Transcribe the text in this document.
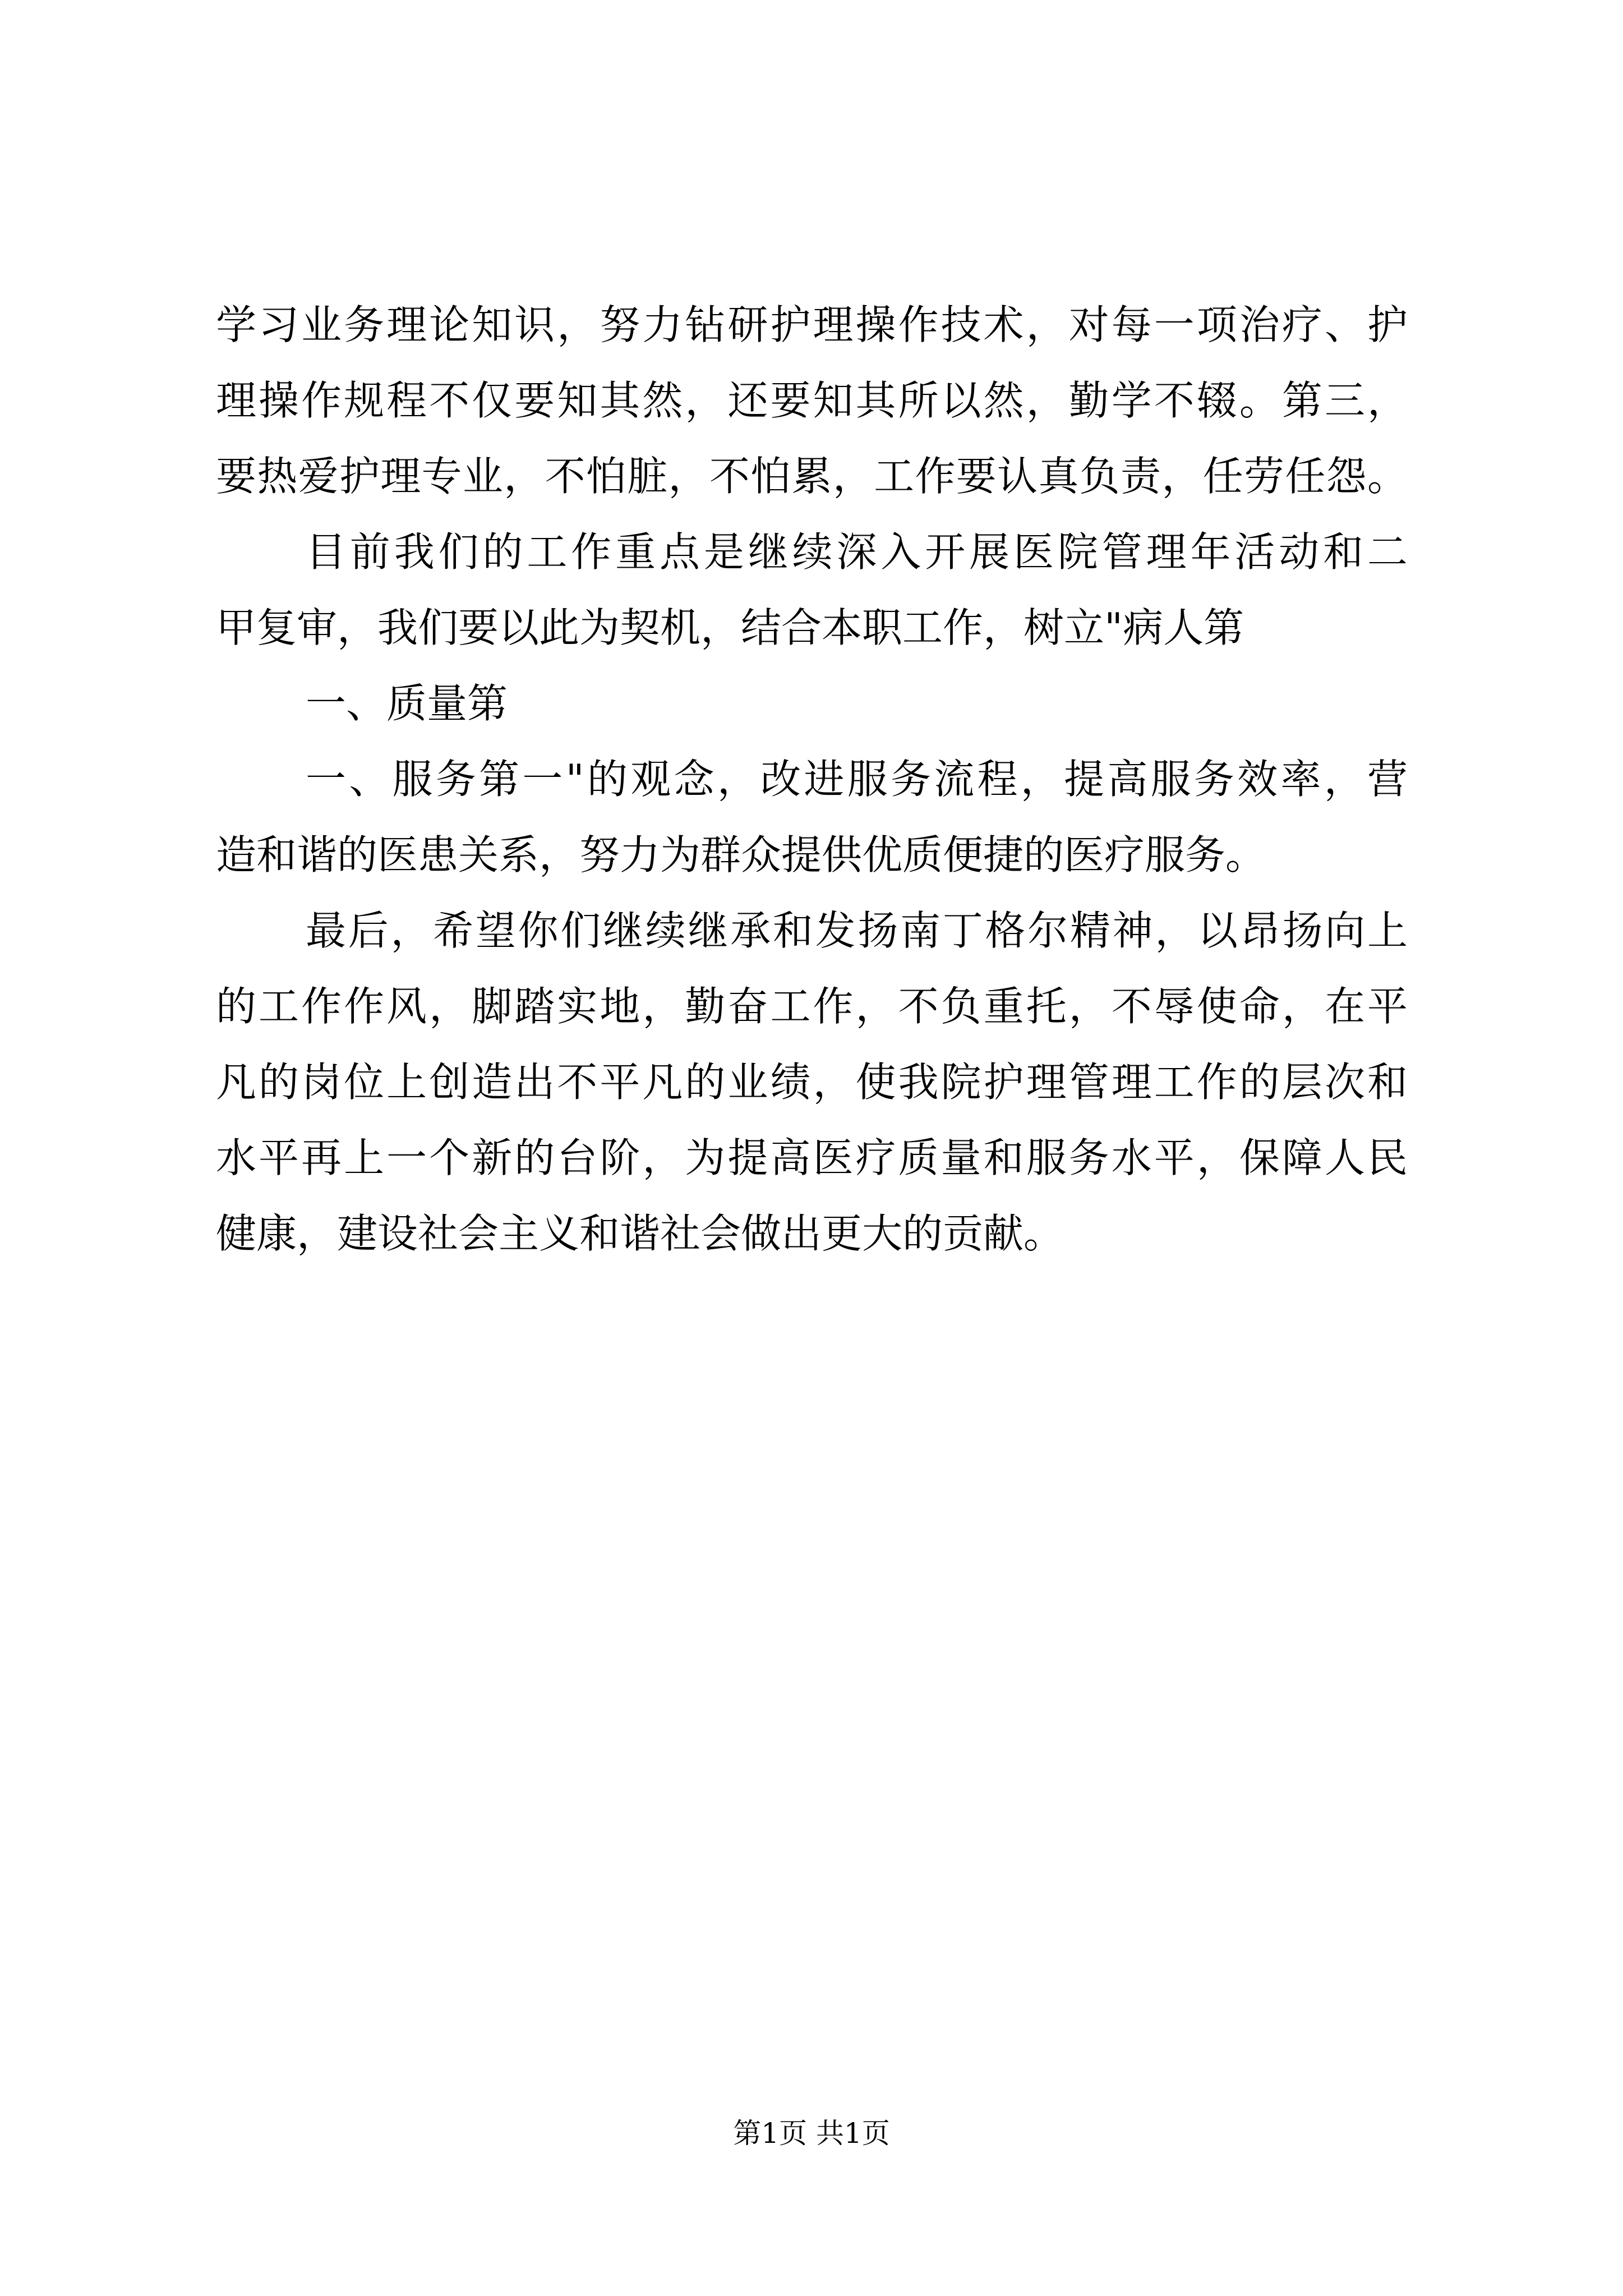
学习业务理论知识，努力钻研护理操作技术，对每一项治疗、护
理操作规程不仅要知其然，还要知其所以然，勤学不辍。第三，
要热爱护理专业，不怕脏，不怕累，工作要认真负责，任劳任怨。
目前我们的工作重点是继续深入开展医院管理年活动和二
甲复审，我们要以此为契机，结合本职工作，树立"病人第
一、质量第
一、服务第一"的观念，改进服务流程，提高服务效率，营
造和谐的医患关系，努力为群众提供优质便捷的医疗服务。
最后，希望你们继续继承和发扬南丁格尔精神，以昂扬向上
的工作作风，脚踏实地，勤奋工作，不负重托，不辱使命，在平
凡的岗位上创造出不平凡的业绩，使我院护理管理工作的层次和
水平再上一个新的台阶，为提高医疗质量和服务水平，保障人民
健康，建设社会主义和谐社会做出更大的贡献。
第1页 共1页
